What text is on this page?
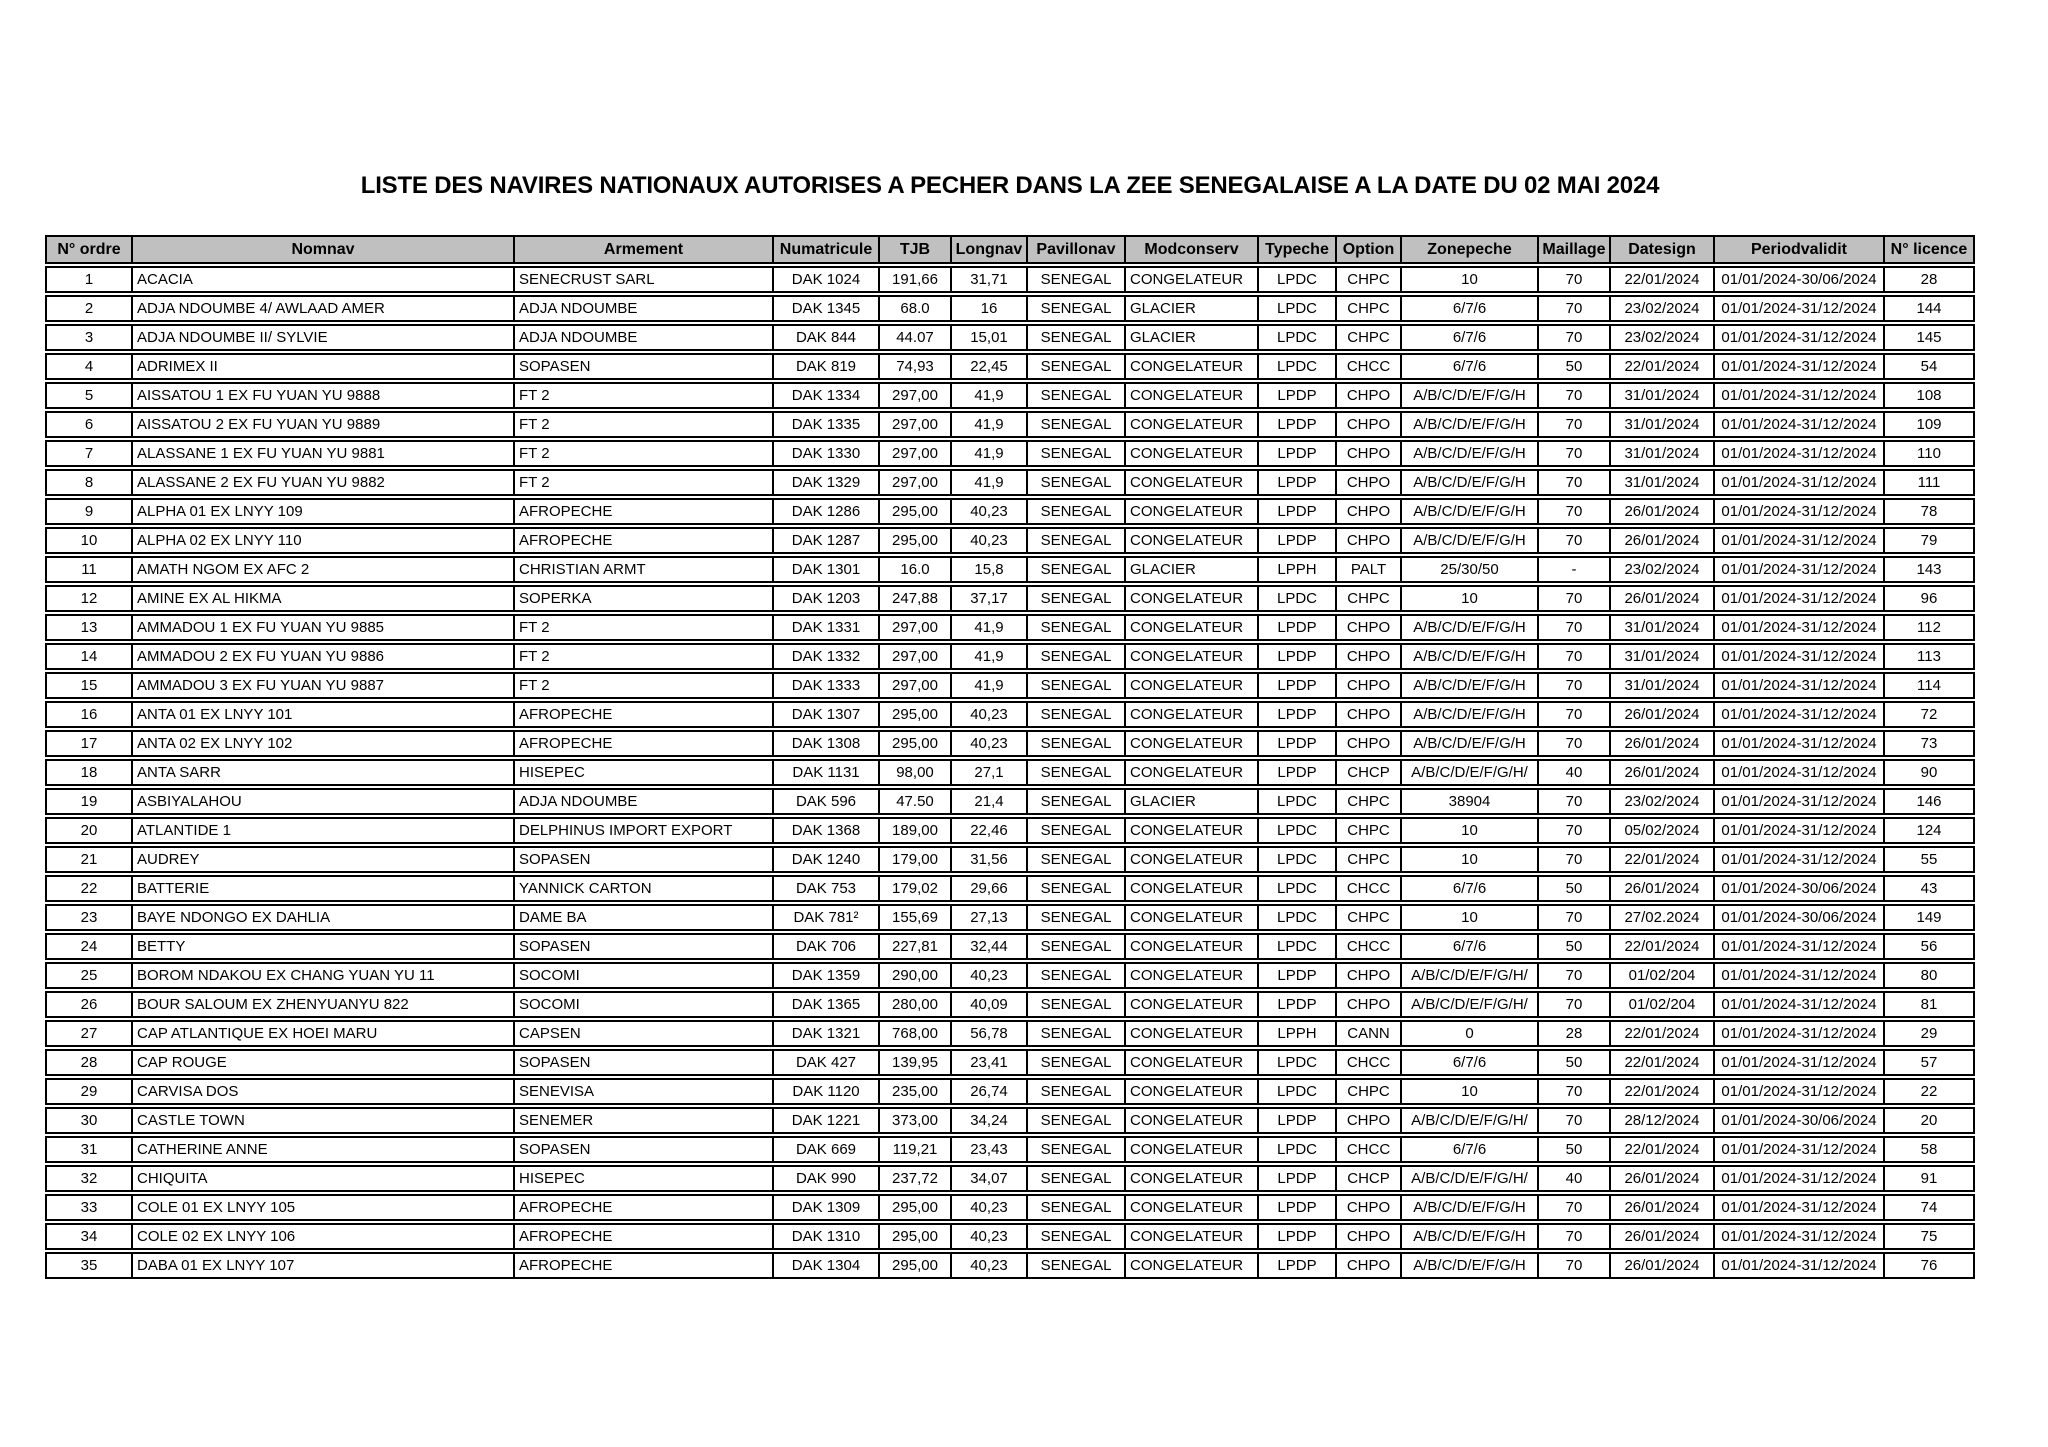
LISTE DES NAVIRES NATIONAUX AUTORISES A PECHER DANS LA ZEE SENEGALAISE A LA DATE DU 02 MAI 2024
N° ordre	Nomnav	Armement	Numatricule	TJB	Longnav	Pavillonav	Modconserv	Typeche	Option	Zonepeche	Maillage	Datesign	Periodvalidit	N° licence
1	ACACIA	SENECRUST SARL	DAK 1024	191,66	31,71	SENEGAL	CONGELATEUR	LPDC	CHPC	10	70	22/01/2024	01/01/2024-30/06/2024	28
2	ADJA NDOUMBE 4/ AWLAAD AMER	ADJA NDOUMBE	DAK 1345	68.0	16	SENEGAL	GLACIER	LPDC	CHPC	6/7/6	70	23/02/2024	01/01/2024-31/12/2024	144
3	ADJA NDOUMBE II/ SYLVIE	ADJA NDOUMBE	DAK 844	44.07	15,01	SENEGAL	GLACIER	LPDC	CHPC	6/7/6	70	23/02/2024	01/01/2024-31/12/2024	145
4	ADRIMEX II	SOPASEN	DAK 819	74,93	22,45	SENEGAL	CONGELATEUR	LPDC	CHCC	6/7/6	50	22/01/2024	01/01/2024-31/12/2024	54
5	AISSATOU 1 EX FU YUAN YU 9888	FT 2	DAK 1334	297,00	41,9	SENEGAL	CONGELATEUR	LPDP	CHPO	A/B/C/D/E/F/G/H	70	31/01/2024	01/01/2024-31/12/2024	108
6	AISSATOU 2 EX FU YUAN YU 9889	FT 2	DAK 1335	297,00	41,9	SENEGAL	CONGELATEUR	LPDP	CHPO	A/B/C/D/E/F/G/H	70	31/01/2024	01/01/2024-31/12/2024	109
7	ALASSANE 1 EX FU YUAN YU 9881	FT 2	DAK 1330	297,00	41,9	SENEGAL	CONGELATEUR	LPDP	CHPO	A/B/C/D/E/F/G/H	70	31/01/2024	01/01/2024-31/12/2024	110
8	ALASSANE 2 EX FU YUAN YU 9882	FT 2	DAK 1329	297,00	41,9	SENEGAL	CONGELATEUR	LPDP	CHPO	A/B/C/D/E/F/G/H	70	31/01/2024	01/01/2024-31/12/2024	111
9	ALPHA 01 EX LNYY 109	AFROPECHE	DAK 1286	295,00	40,23	SENEGAL	CONGELATEUR	LPDP	CHPO	A/B/C/D/E/F/G/H	70	26/01/2024	01/01/2024-31/12/2024	78
10	ALPHA 02 EX LNYY 110	AFROPECHE	DAK 1287	295,00	40,23	SENEGAL	CONGELATEUR	LPDP	CHPO	A/B/C/D/E/F/G/H	70	26/01/2024	01/01/2024-31/12/2024	79
11	AMATH NGOM EX AFC 2	CHRISTIAN ARMT	DAK 1301	16.0	15,8	SENEGAL	GLACIER	LPPH	PALT	25/30/50	-	23/02/2024	01/01/2024-31/12/2024	143
12	AMINE EX AL HIKMA	SOPERKA	DAK 1203	247,88	37,17	SENEGAL	CONGELATEUR	LPDC	CHPC	10	70	26/01/2024	01/01/2024-31/12/2024	96
13	AMMADOU 1 EX FU YUAN YU 9885	FT 2	DAK 1331	297,00	41,9	SENEGAL	CONGELATEUR	LPDP	CHPO	A/B/C/D/E/F/G/H	70	31/01/2024	01/01/2024-31/12/2024	112
14	AMMADOU 2 EX FU YUAN YU 9886	FT 2	DAK 1332	297,00	41,9	SENEGAL	CONGELATEUR	LPDP	CHPO	A/B/C/D/E/F/G/H	70	31/01/2024	01/01/2024-31/12/2024	113
15	AMMADOU 3 EX FU YUAN YU 9887	FT 2	DAK 1333	297,00	41,9	SENEGAL	CONGELATEUR	LPDP	CHPO	A/B/C/D/E/F/G/H	70	31/01/2024	01/01/2024-31/12/2024	114
16	ANTA 01 EX LNYY 101	AFROPECHE	DAK 1307	295,00	40,23	SENEGAL	CONGELATEUR	LPDP	CHPO	A/B/C/D/E/F/G/H	70	26/01/2024	01/01/2024-31/12/2024	72
17	ANTA 02 EX LNYY 102	AFROPECHE	DAK 1308	295,00	40,23	SENEGAL	CONGELATEUR	LPDP	CHPO	A/B/C/D/E/F/G/H	70	26/01/2024	01/01/2024-31/12/2024	73
18	ANTA SARR	HISEPEC	DAK 1131	98,00	27,1	SENEGAL	CONGELATEUR	LPDP	CHCP	A/B/C/D/E/F/G/H/	40	26/01/2024	01/01/2024-31/12/2024	90
19	ASBIYALAHOU	ADJA NDOUMBE	DAK 596	47.50	21,4	SENEGAL	GLACIER	LPDC	CHPC	38904	70	23/02/2024	01/01/2024-31/12/2024	146
20	ATLANTIDE 1	DELPHINUS IMPORT EXPORT	DAK 1368	189,00	22,46	SENEGAL	CONGELATEUR	LPDC	CHPC	10	70	05/02/2024	01/01/2024-31/12/2024	124
21	AUDREY	SOPASEN	DAK 1240	179,00	31,56	SENEGAL	CONGELATEUR	LPDC	CHPC	10	70	22/01/2024	01/01/2024-31/12/2024	55
22	BATTERIE	YANNICK CARTON	DAK 753	179,02	29,66	SENEGAL	CONGELATEUR	LPDC	CHCC	6/7/6	50	26/01/2024	01/01/2024-30/06/2024	43
23	BAYE NDONGO EX DAHLIA	DAME BA	DAK 781²	155,69	27,13	SENEGAL	CONGELATEUR	LPDC	CHPC	10	70	27/02.2024	01/01/2024-30/06/2024	149
24	BETTY	SOPASEN	DAK 706	227,81	32,44	SENEGAL	CONGELATEUR	LPDC	CHCC	6/7/6	50	22/01/2024	01/01/2024-31/12/2024	56
25	BOROM NDAKOU EX CHANG YUAN YU 11	SOCOMI	DAK 1359	290,00	40,23	SENEGAL	CONGELATEUR	LPDP	CHPO	A/B/C/D/E/F/G/H/	70	01/02/204	01/01/2024-31/12/2024	80
26	BOUR SALOUM EX ZHENYUANYU 822	SOCOMI	DAK 1365	280,00	40,09	SENEGAL	CONGELATEUR	LPDP	CHPO	A/B/C/D/E/F/G/H/	70	01/02/204	01/01/2024-31/12/2024	81
27	CAP ATLANTIQUE EX HOEI MARU	CAPSEN	DAK 1321	768,00	56,78	SENEGAL	CONGELATEUR	LPPH	CANN	0	28	22/01/2024	01/01/2024-31/12/2024	29
28	CAP ROUGE	SOPASEN	DAK 427	139,95	23,41	SENEGAL	CONGELATEUR	LPDC	CHCC	6/7/6	50	22/01/2024	01/01/2024-31/12/2024	57
29	CARVISA DOS	SENEVISA	DAK 1120	235,00	26,74	SENEGAL	CONGELATEUR	LPDC	CHPC	10	70	22/01/2024	01/01/2024-31/12/2024	22
30	CASTLE TOWN	SENEMER	DAK 1221	373,00	34,24	SENEGAL	CONGELATEUR	LPDP	CHPO	A/B/C/D/E/F/G/H/	70	28/12/2024	01/01/2024-30/06/2024	20
31	CATHERINE ANNE	SOPASEN	DAK 669	119,21	23,43	SENEGAL	CONGELATEUR	LPDC	CHCC	6/7/6	50	22/01/2024	01/01/2024-31/12/2024	58
32	CHIQUITA	HISEPEC	DAK 990	237,72	34,07	SENEGAL	CONGELATEUR	LPDP	CHCP	A/B/C/D/E/F/G/H/	40	26/01/2024	01/01/2024-31/12/2024	91
33	COLE 01 EX LNYY 105	AFROPECHE	DAK 1309	295,00	40,23	SENEGAL	CONGELATEUR	LPDP	CHPO	A/B/C/D/E/F/G/H	70	26/01/2024	01/01/2024-31/12/2024	74
34	COLE 02 EX LNYY 106	AFROPECHE	DAK 1310	295,00	40,23	SENEGAL	CONGELATEUR	LPDP	CHPO	A/B/C/D/E/F/G/H	70	26/01/2024	01/01/2024-31/12/2024	75
35	DABA 01 EX LNYY 107	AFROPECHE	DAK 1304	295,00	40,23	SENEGAL	CONGELATEUR	LPDP	CHPO	A/B/C/D/E/F/G/H	70	26/01/2024	01/01/2024-31/12/2024	76
